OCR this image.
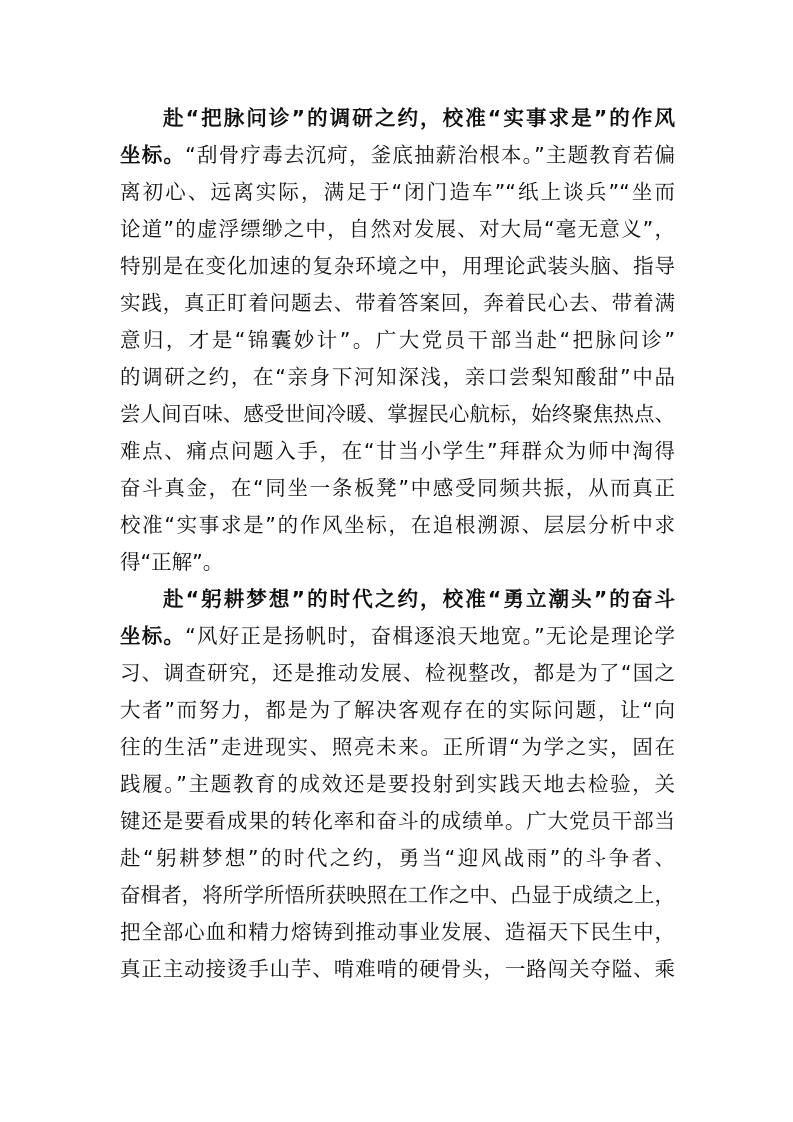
赴“把脉问诊”的调研之约，校准“实事求是”的作风
坐标。“刮骨疗毒去沉疴，釜底抽薪治根本。”主题教育若偏
离初心、远离实际，满足于“闭门造车”“纸上谈兵”“坐而
论道”的虚浮缥缈之中，自然对发展、对大局“毫无意义”，
特别是在变化加速的复杂环境之中，用理论武装头脑、指导
实践，真正盯着问题去、带着答案回，奔着民心去、带着满
意归，才是“锦囊妙计”。广大党员干部当赴“把脉问诊”
的调研之约，在“亲身下河知深浅，亲口尝梨知酸甜”中品
尝人间百味、感受世间冷暖、掌握民心航标，始终聚焦热点、
难点、痛点问题入手，在“甘当小学生”拜群众为师中淘得
奋斗真金，在“同坐一条板凳”中感受同频共振，从而真正
校准“实事求是”的作风坐标，在追根溯源、层层分析中求
得“正解”。
赴“躬耕梦想”的时代之约，校准“勇立潮头”的奋斗
坐标。“风好正是扬帆时，奋楫逐浪天地宽。”无论是理论学
习、调查研究，还是推动发展、检视整改，都是为了“国之
大者”而努力，都是为了解决客观存在的实际问题，让“向
往的生活”走进现实、照亮未来。正所谓“为学之实，固在
践履。”主题教育的成效还是要投射到实践天地去检验，关
键还是要看成果的转化率和奋斗的成绩单。广大党员干部当
赴“躬耕梦想”的时代之约，勇当“迎风战雨”的斗争者、
奋楫者，将所学所悟所获映照在工作之中、凸显于成绩之上，
把全部心血和精力熔铸到推动事业发展、造福天下民生中，
真正主动接烫手山芋、啃难啃的硬骨头，一路闯关夺隘、乘
